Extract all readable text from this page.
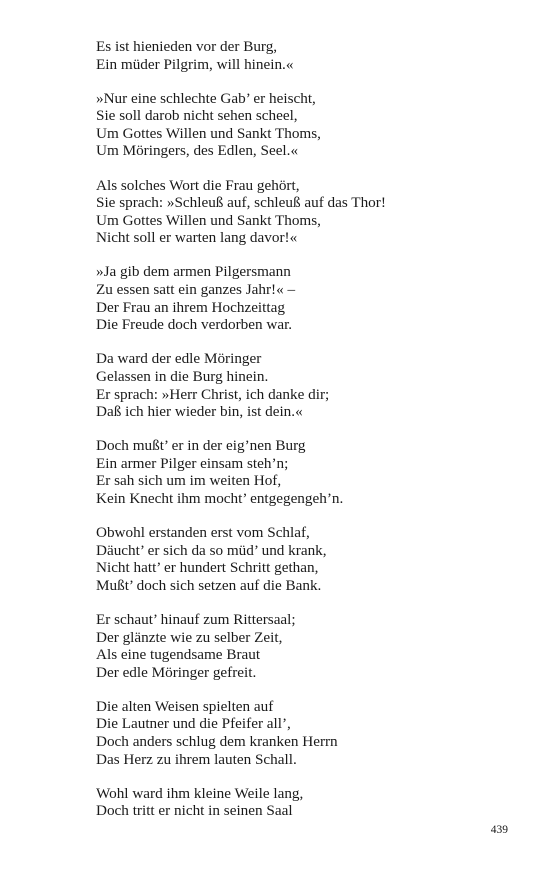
Es ist hienieden vor der Burg,
Ein müder Pilgrim, will hinein.«
»Nur eine schlechte Gab’ er heischt,
Sie soll darob nicht sehen scheel,
Um Gottes Willen und Sankt Thoms,
Um Möringers, des Edlen, Seel.«
Als solches Wort die Frau gehört,
Sie sprach: »Schleuß auf, schleuß auf das Thor!
Um Gottes Willen und Sankt Thoms,
Nicht soll er warten lang davor!«
»Ja gib dem armen Pilgersmann
Zu essen satt ein ganzes Jahr!« –
Der Frau an ihrem Hochzeittag
Die Freude doch verdorben war.
Da ward der edle Möringer
Gelassen in die Burg hinein.
Er sprach: »Herr Christ, ich danke dir;
Daß ich hier wieder bin, ist dein.«
Doch mußt’ er in der eig’nen Burg
Ein armer Pilger einsam steh’n;
Er sah sich um im weiten Hof,
Kein Knecht ihm mocht’ entgegengeh’n.
Obwohl erstanden erst vom Schlaf,
Däucht’ er sich da so müd’ und krank,
Nicht hatt’ er hundert Schritt gethan,
Mußt’ doch sich setzen auf die Bank.
Er schaut’ hinauf zum Rittersaal;
Der glänzte wie zu selber Zeit,
Als eine tugendsame Braut
Der edle Möringer gefreit.
Die alten Weisen spielten auf
Die Lautner und die Pfeifer all’,
Doch anders schlug dem kranken Herrn
Das Herz zu ihrem lauten Schall.
Wohl ward ihm kleine Weile lang,
Doch tritt er nicht in seinen Saal
439
